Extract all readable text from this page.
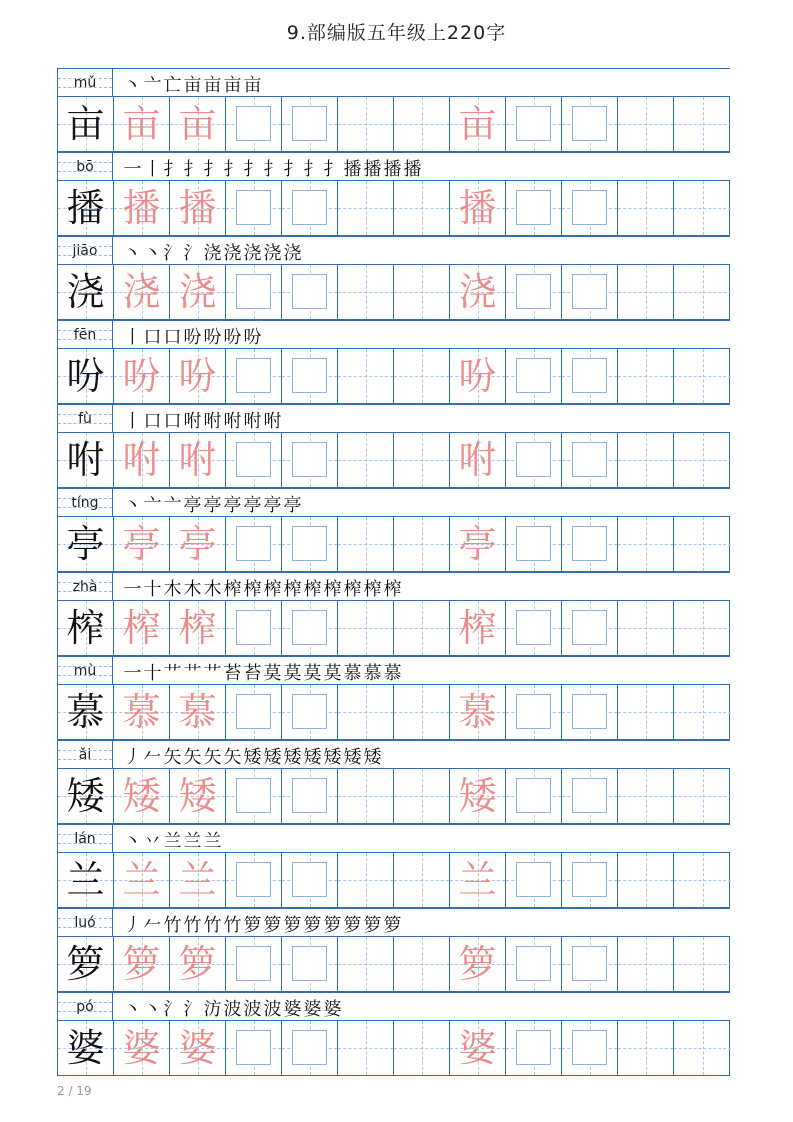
9.部编版五年级上220字
mǔ 丶 亠 亡 亩 亩 亩 亩
亩 亩 亩	亩
bō 一 丨 扌 扌 扌 扌 扌 扌 扌 扌 扌 播 播 播 播
播 播 播	播
jiāo 丶 丶 氵 氵 浇 浇 浇 浇 浇
浇 浇 浇	浇
fēn 丨 口 口 吩 吩 吩 吩
吩 吩 吩	吩
fù 丨 口 口 咐 咐 咐 咐 咐
咐 咐 咐	咐
tíng 丶 亠 亠 亭 亭 亭 亭 亭 亭
亭 亭 亭	亭
zhà 一 十 木 木 木 榨 榨 榨 榨 榨 榨 榨 榨 榨
榨 榨 榨	榨
mù 一 十 艹 艹 艹 苔 苔 莫 莫 莫 莫 慕 慕 慕
慕 慕 慕	慕
ǎi 丿 𠂉 矢 矢 矢 矢 矮 矮 矮 矮 矮 矮 矮
矮 矮 矮	矮
lán 丶 丷 兰 兰 兰
兰 兰 兰	兰
luó 丿 𠂉 竹 竹 竹 竹 箩 箩 箩 箩 箩 箩 箩 箩
箩 箩 箩	箩
pó 丶 丶 氵 氵 汸 波 波 波 婆 婆 婆
婆 婆 婆	婆
2 / 19
